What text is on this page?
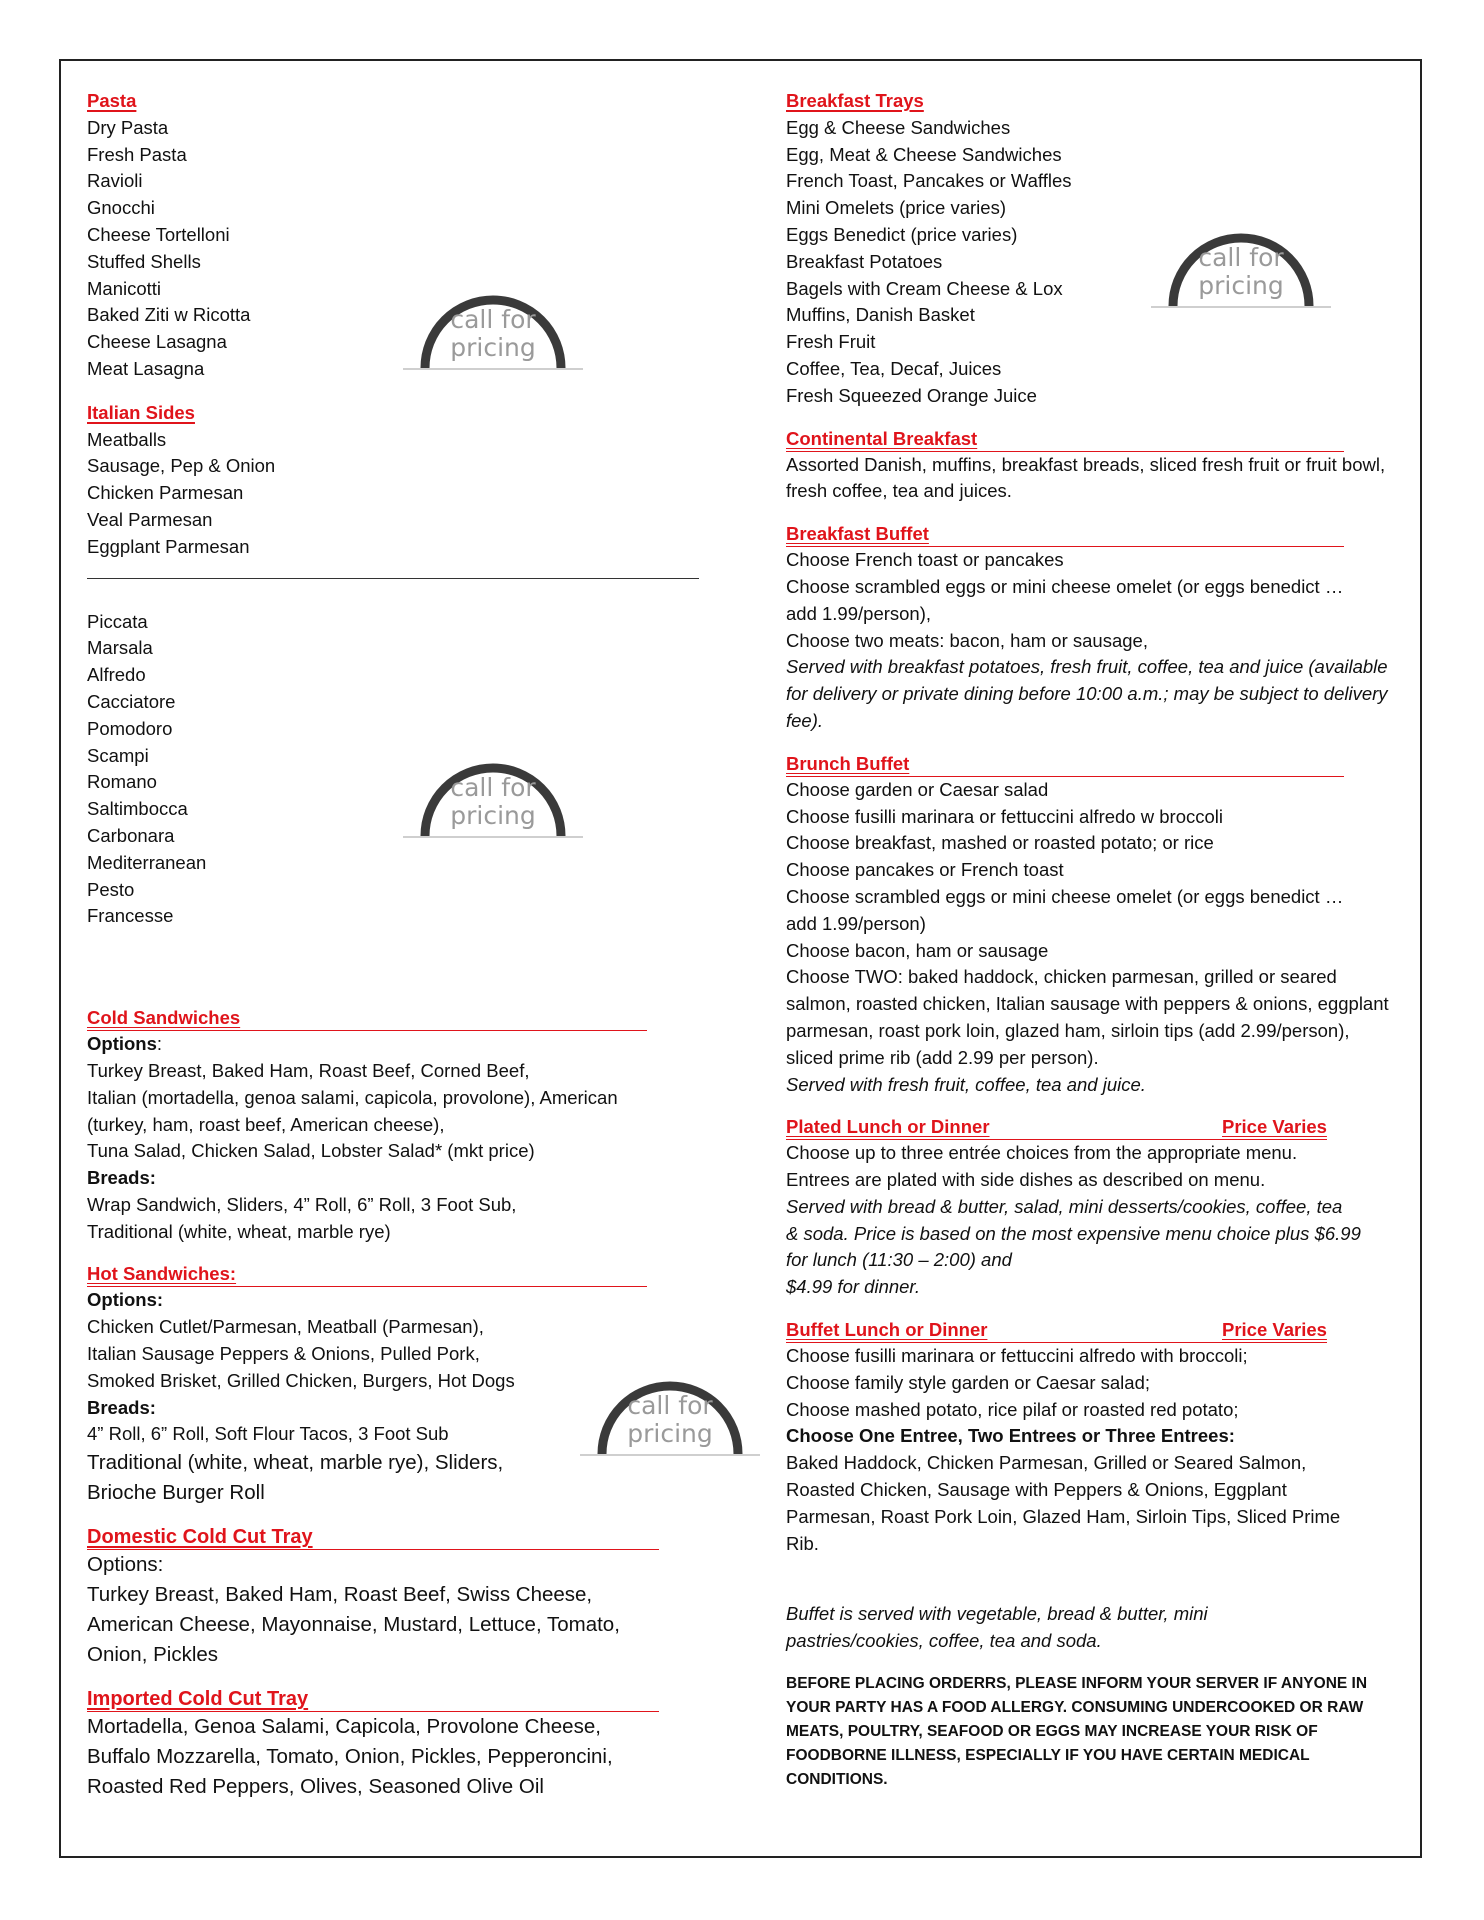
Pasta
Dry Pasta
Fresh Pasta
Ravioli
Gnocchi
Cheese Tortelloni
Stuffed Shells
Manicotti
Baked Ziti w Ricotta
Cheese Lasagna
Meat Lasagna
Italian Sides
Meatballs
Sausage, Pep & Onion
Chicken Parmesan
Veal Parmesan
Eggplant Parmesan
Piccata
Marsala
Alfredo
Cacciatore
Pomodoro
Scampi
Romano
Saltimbocca
Carbonara
Mediterranean
Pesto
Francesse
Cold Sandwiches
Options:
Turkey Breast, Baked Ham, Roast Beef, Corned Beef,
Italian (mortadella, genoa salami, capicola, provolone), American
(turkey, ham, roast beef, American cheese),
Tuna Salad, Chicken Salad, Lobster Salad* (mkt price)
Breads:
Wrap Sandwich, Sliders, 4” Roll, 6” Roll, 3 Foot Sub,
Traditional (white, wheat, marble rye)
Hot Sandwiches:
Options:
Chicken Cutlet/Parmesan, Meatball (Parmesan),
Italian Sausage Peppers & Onions, Pulled Pork,
Smoked Brisket, Grilled Chicken, Burgers, Hot Dogs
Breads:
4” Roll, 6” Roll, Soft Flour Tacos, 3 Foot Sub
Traditional (white, wheat, marble rye), Sliders,
Brioche Burger Roll
Domestic Cold Cut Tray
Options:
Turkey Breast, Baked Ham, Roast Beef, Swiss Cheese,
American Cheese, Mayonnaise, Mustard, Lettuce, Tomato,
Onion, Pickles
Imported Cold Cut Tray
Mortadella, Genoa Salami, Capicola, Provolone Cheese,
Buffalo Mozzarella, Tomato, Onion, Pickles, Pepperoncini,
Roasted Red Peppers, Olives, Seasoned Olive Oil
Breakfast Trays
Egg & Cheese Sandwiches
Egg, Meat & Cheese Sandwiches
French Toast, Pancakes or Waffles
Mini Omelets (price varies)
Eggs Benedict (price varies)
Breakfast Potatoes
Bagels with Cream Cheese & Lox
Muffins, Danish Basket
Fresh Fruit
Coffee, Tea, Decaf, Juices
Fresh Squeezed Orange Juice
Continental Breakfast
Assorted Danish, muffins, breakfast breads, sliced fresh fruit or fruit bowl, fresh coffee, tea and juices.
Breakfast Buffet
Choose French toast or pancakes
Choose scrambled eggs or mini cheese omelet (or eggs benedict …
add 1.99/person),
Choose two meats: bacon, ham or sausage,
Served with breakfast potatoes, fresh fruit, coffee, tea and juice (available for delivery or private dining before 10:00 a.m.; may be subject to delivery fee).
Brunch Buffet
Choose garden or Caesar salad
Choose fusilli marinara or fettuccini alfredo w broccoli
Choose breakfast, mashed or roasted potato; or rice
Choose pancakes or French toast
Choose scrambled eggs or mini cheese omelet (or eggs benedict …
add 1.99/person)
Choose bacon, ham or sausage
Choose TWO: baked haddock, chicken parmesan, grilled or seared salmon, roasted chicken, Italian sausage with peppers & onions, eggplant parmesan, roast pork loin, glazed ham, sirloin tips (add 2.99/person), sliced prime rib (add 2.99 per person).
Served with fresh fruit, coffee, tea and juice.
Plated Lunch or Dinner	Price Varies
Choose up to three entrée choices from the appropriate menu.
Entrees are plated with side dishes as described on menu.
Served with bread & butter, salad, mini desserts/cookies, coffee, tea
& soda. Price is based on the most expensive menu choice plus $6.99
for lunch (11:30 – 2:00) and
$4.99 for dinner.
Buffet Lunch or Dinner	Price Varies
Choose fusilli marinara or fettuccini alfredo with broccoli;
Choose family style garden or Caesar salad;
Choose mashed potato, rice pilaf or roasted red potato;
Choose One Entree, Two Entrees or Three Entrees:
Baked Haddock, Chicken Parmesan, Grilled or Seared Salmon, Roasted Chicken, Sausage with Peppers & Onions, Eggplant Parmesan, Roast Pork Loin, Glazed Ham, Sirloin Tips, Sliced Prime Rib.
Buffet is served with vegetable, bread & butter, mini pastries/cookies, coffee, tea and soda.
BEFORE PLACING ORDERRS, PLEASE INFORM YOUR SERVER IF ANYONE IN YOUR PARTY HAS A FOOD ALLERGY. CONSUMING UNDERCOOKED OR RAW MEATS, POULTRY, SEAFOOD OR EGGS MAY INCREASE YOUR RISK OF FOODBORNE ILLNESS, ESPECIALLY IF YOU HAVE CERTAIN MEDICAL CONDITIONS.
call for
pricing
call for
pricing
call for
pricing
call for
pricing
